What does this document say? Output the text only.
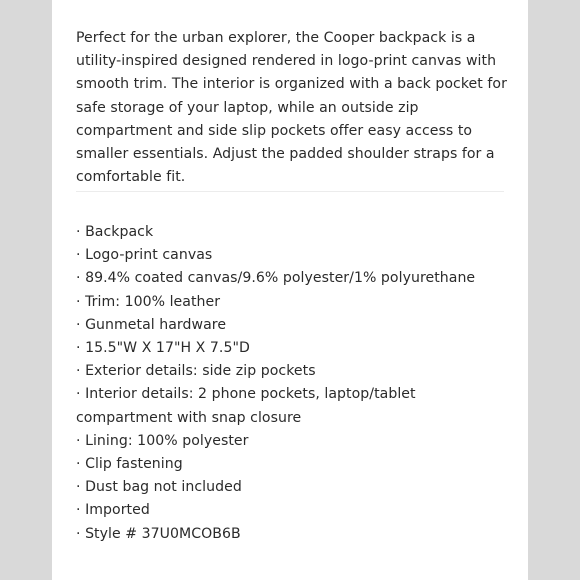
Perfect for the urban explorer, the Cooper backpack is a utility-inspired designed rendered in logo-print canvas with smooth trim. The interior is organized with a back pocket for safe storage of your laptop, while an outside zip compartment and side slip pockets offer easy access to smaller essentials. Adjust the padded shoulder straps for a comfortable fit.

· Backpack
· Logo-print canvas
· 89.4% coated canvas/9.6% polyester/1% polyurethane
· Trim: 100% leather
· Gunmetal hardware
· 15.5"W X 17"H X 7.5"D
· Exterior details: side zip pockets
· Interior details: 2 phone pockets, laptop/tablet compartment with snap closure
· Lining: 100% polyester
· Clip fastening
· Dust bag not included
· Imported
· Style # 37U0MCOB6B
